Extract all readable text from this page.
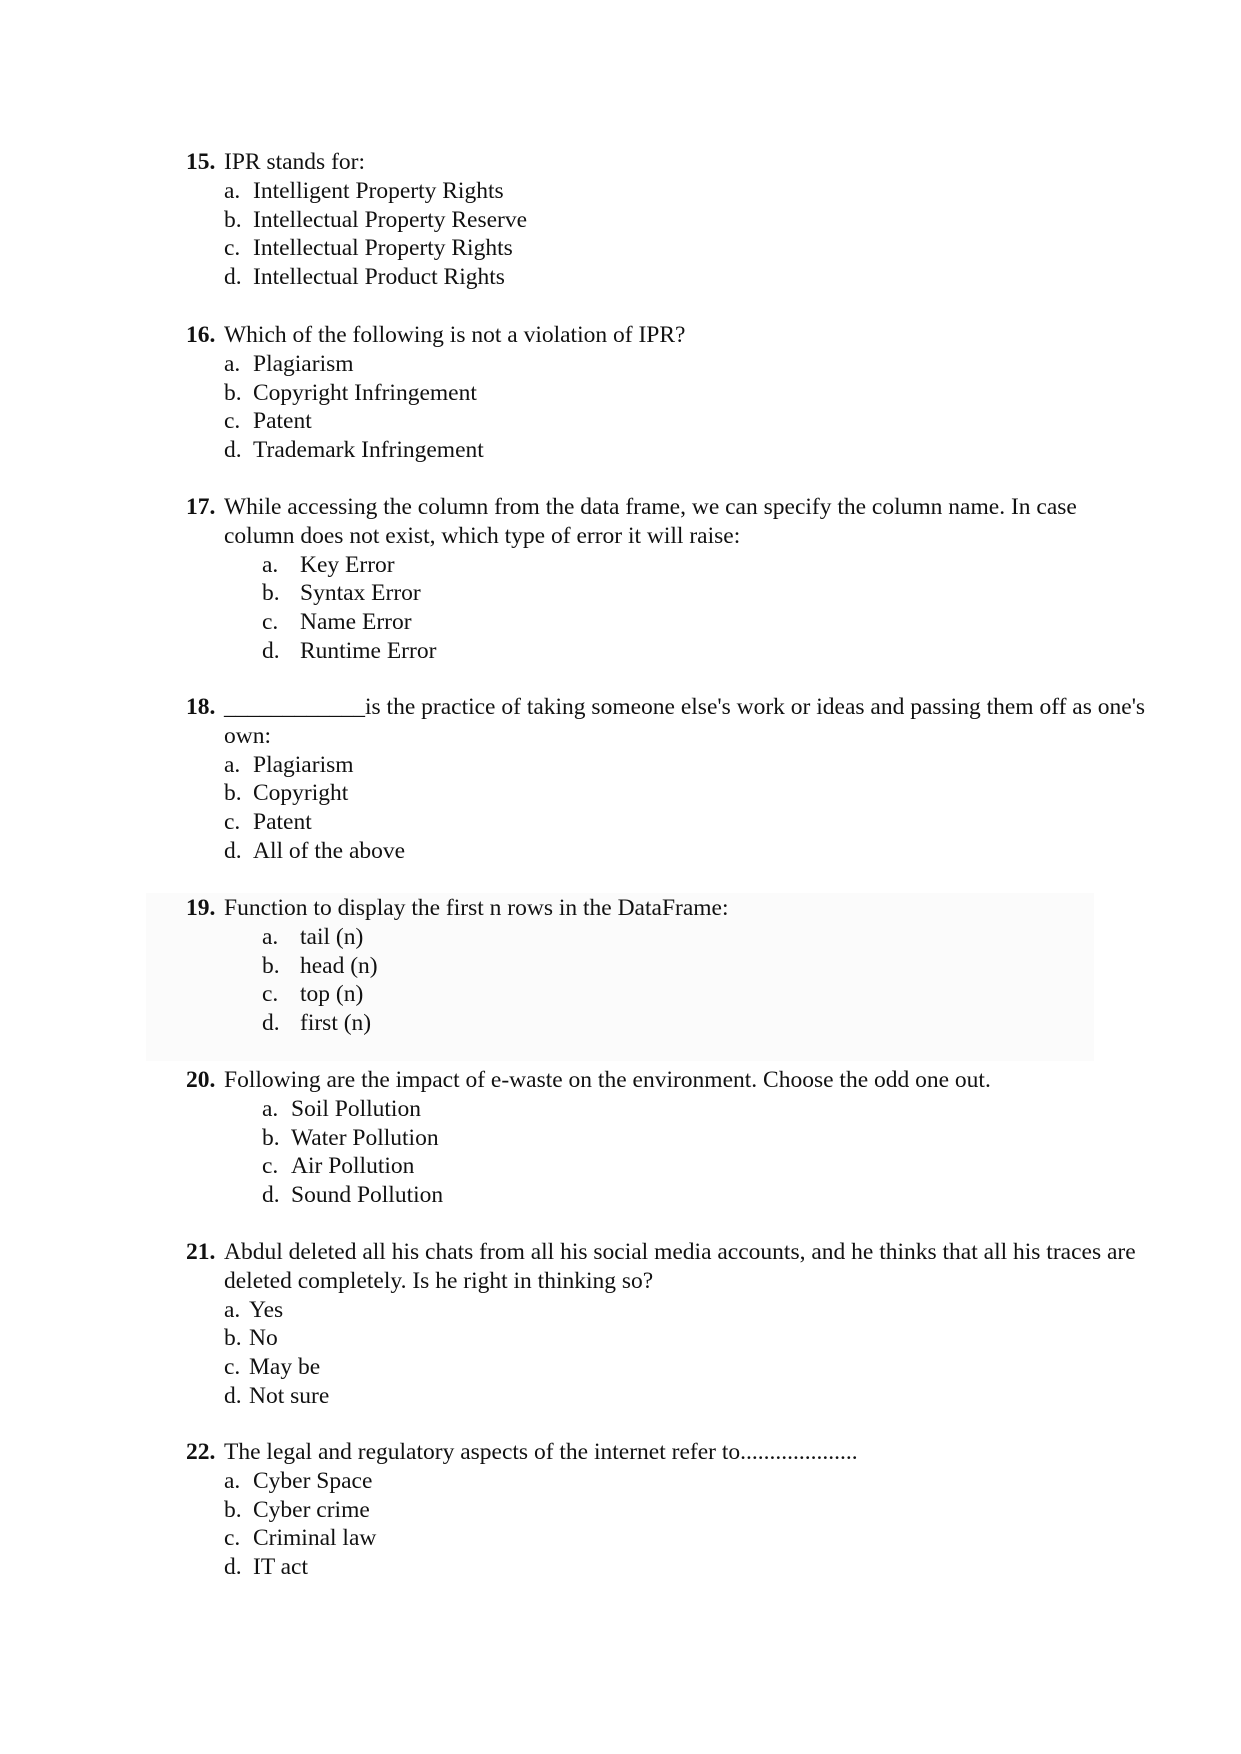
15. IPR stands for:
a. Intelligent Property Rights
b. Intellectual Property Reserve
c. Intellectual Property Rights
d. Intellectual Product Rights
16. Which of the following is not a violation of IPR?
a. Plagiarism
b. Copyright Infringement
c. Patent
d. Trademark Infringement
17. While accessing the column from the data frame, we can specify the column name. In case column does not exist, which type of error it will raise:
a. Key Error
b. Syntax Error
c. Name Error
d. Runtime Error
18. ____________is the practice of taking someone else's work or ideas and passing them off as one's own:
a. Plagiarism
b. Copyright
c. Patent
d. All of the above
19. Function to display the first n rows in the DataFrame:
a. tail (n)
b. head (n)
c. top (n)
d. first (n)
20. Following are the impact of e-waste on the environment. Choose the odd one out.
a. Soil Pollution
b. Water Pollution
c. Air Pollution
d. Sound Pollution
21. Abdul deleted all his chats from all his social media accounts, and he thinks that all his traces are deleted completely. Is he right in thinking so?
a. Yes
b. No
c. May be
d. Not sure
22. The legal and regulatory aspects of the internet refer to....................
a. Cyber Space
b. Cyber crime
c. Criminal law
d. IT act
